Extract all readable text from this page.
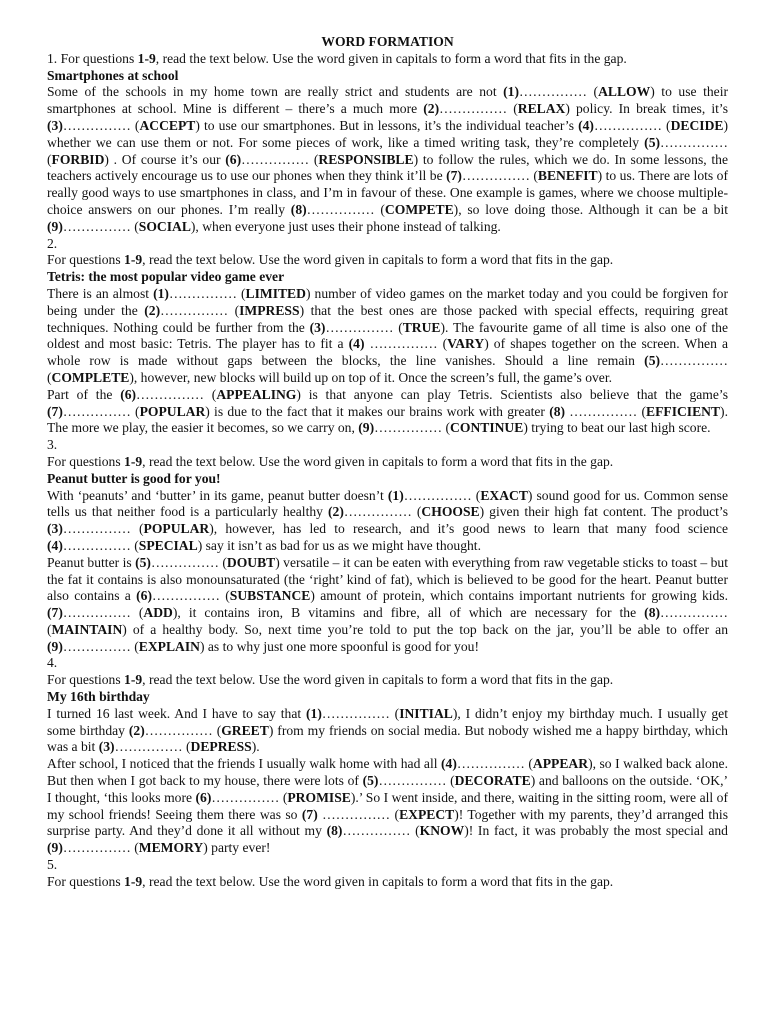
WORD FORMATION

1. For questions 1-9, read the text below. Use the word given in capitals to form a word that fits in the gap.

Smartphones at school

Some of the schools in my home town are really strict and students are not (1)…………… (ALLOW) to use their smartphones at school. Mine is different – there’s a much more (2)…………… (RELAX) policy. In break times, it’s (3)…………… (ACCEPT) to use our smartphones. But in lessons, it’s the individual teacher’s (4)…………… (DECIDE) whether we can use them or not. For some pieces of work, like a timed writing task, they’re completely (5)…………… (FORBID) . Of course it’s our (6)…………… (RESPONSIBLE) to follow the rules, which we do. In some lessons, the teachers actively encourage us to use our phones when they think it’ll be (7)…………… (BENEFIT) to us. There are lots of really good ways to use smartphones in class, and I’m in favour of these. One example is games, where we choose multiple-choice answers on our phones. I’m really (8)…………… (COMPETE), so love doing those. Although it can be a bit (9)…………… (SOCIAL), when everyone just uses their phone instead of talking.

2.

For questions 1-9, read the text below. Use the word given in capitals to form a word that fits in the gap.

Tetris: the most popular video game ever

There is an almost (1)…………… (LIMITED) number of video games on the market today and you could be forgiven for being under the (2)…………… (IMPRESS) that the best ones are those packed with special effects, requiring great techniques. Nothing could be further from the (3)…………… (TRUE). The favourite game of all time is also one of the oldest and most basic: Tetris. The player has to fit a (4) …………… (VARY) of shapes together on the screen. When a whole row is made without gaps between the blocks, the line vanishes. Should a line remain (5)…………… (COMPLETE), however, new blocks will build up on top of it. Once the screen’s full, the game’s over.

Part of the (6)…………… (APPEALING) is that anyone can play Tetris. Scientists also believe that the game’s (7)…………… (POPULAR) is due to the fact that it makes our brains work with greater (8) …………… (EFFICIENT). The more we play, the easier it becomes, so we carry on, (9)…………… (CONTINUE) trying to beat our last high score.

3.

For questions 1-9, read the text below. Use the word given in capitals to form a word that fits in the gap.

Peanut butter is good for you!

With ‘peanuts’ and ‘butter’ in its game, peanut butter doesn’t (1)…………… (EXACT) sound good for us. Common sense tells us that neither food is a particularly healthy (2)…………… (CHOOSE) given their high fat content. The product’s (3)…………… (POPULAR), however, has led to research, and it’s good news to learn that many food science (4)…………… (SPECIAL) say it isn’t as bad for us as we might have thought.

Peanut butter is (5)…………… (DOUBT) versatile – it can be eaten with everything from raw vegetable sticks to toast – but the fat it contains is also monounsaturated (the ‘right’ kind of fat), which is believed to be good for the heart. Peanut butter also contains a (6)…………… (SUBSTANCE) amount of protein, which contains important nutrients for growing kids. (7)…………… (ADD), it contains iron, B vitamins and fibre, all of which are necessary for the (8)…………… (MAINTAIN) of a healthy body. So, next time you’re told to put the top back on the jar, you’ll be able to offer an (9)…………… (EXPLAIN) as to why just one more spoonful is good for you!

4.

For questions 1-9, read the text below. Use the word given in capitals to form a word that fits in the gap.

My 16th birthday

I turned 16 last week. And I have to say that (1)…………… (INITIAL), I didn’t enjoy my birthday much. I usually get some birthday (2)…………… (GREET) from my friends on social media. But nobody wished me a happy birthday, which was a bit (3)…………… (DEPRESS).

After school, I noticed that the friends I usually walk home with had all (4)…………… (APPEAR), so I walked back alone. But then when I got back to my house, there were lots of (5)…………… (DECORATE) and balloons on the outside. ‘OK,’ I thought, ‘this looks more (6)…………… (PROMISE).’ So I went inside, and there, waiting in the sitting room, were all of my school friends! Seeing them there was so (7) …………… (EXPECT)! Together with my parents, they’d arranged this surprise party. And they’d done it all without my (8)…………… (KNOW)! In fact, it was probably the most special and (9)…………… (MEMORY) party ever!

5.

For questions 1-9, read the text below. Use the word given in capitals to form a word that fits in the gap.
